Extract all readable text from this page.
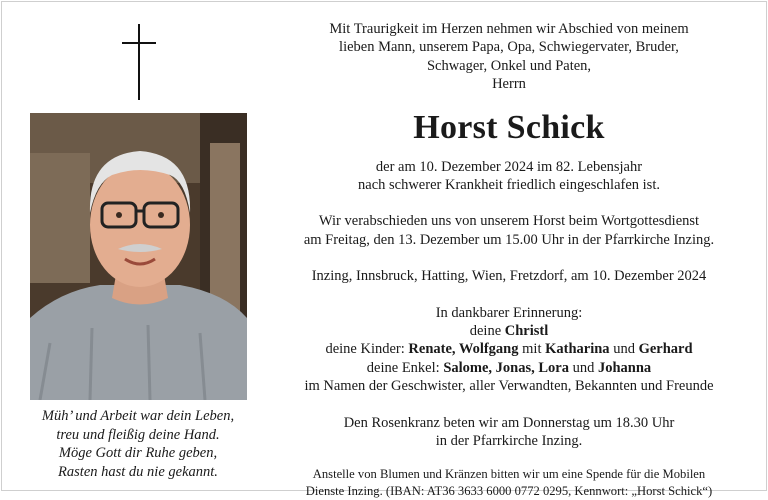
Müh’ und Arbeit war dein Leben,
treu und fleißig deine Hand.
Möge Gott dir Ruhe geben,
Rasten hast du nie gekannt.
Mit Traurigkeit im Herzen nehmen wir Abschied von meinem
lieben Mann, unserem Papa, Opa, Schwiegervater, Bruder,
Schwager, Onkel und Paten,
Herrn
Horst Schick
der am 10. Dezember 2024 im 82. Lebensjahr
nach schwerer Krankheit friedlich eingeschlafen ist.
Wir verabschieden uns von unserem Horst beim Wortgottesdienst
am Freitag, den 13. Dezember um 15.00 Uhr in der Pfarrkirche Inzing.
Inzing, Innsbruck, Hatting, Wien, Fretzdorf, am 10. Dezember 2024
In dankbarer Erinnerung:
deine Christl
deine Kinder: Renate, Wolfgang mit Katharina und Gerhard
deine Enkel: Salome, Jonas, Lora und Johanna
im Namen der Geschwister, aller Verwandten, Bekannten und Freunde
Den Rosenkranz beten wir am Donnerstag um 18.30 Uhr
in der Pfarrkirche Inzing.
Anstelle von Blumen und Kränzen bitten wir um eine Spende für die Mobilen
Dienste Inzing. (IBAN: AT36 3633 6000 0772 0295, Kennwort: „Horst Schick“)
